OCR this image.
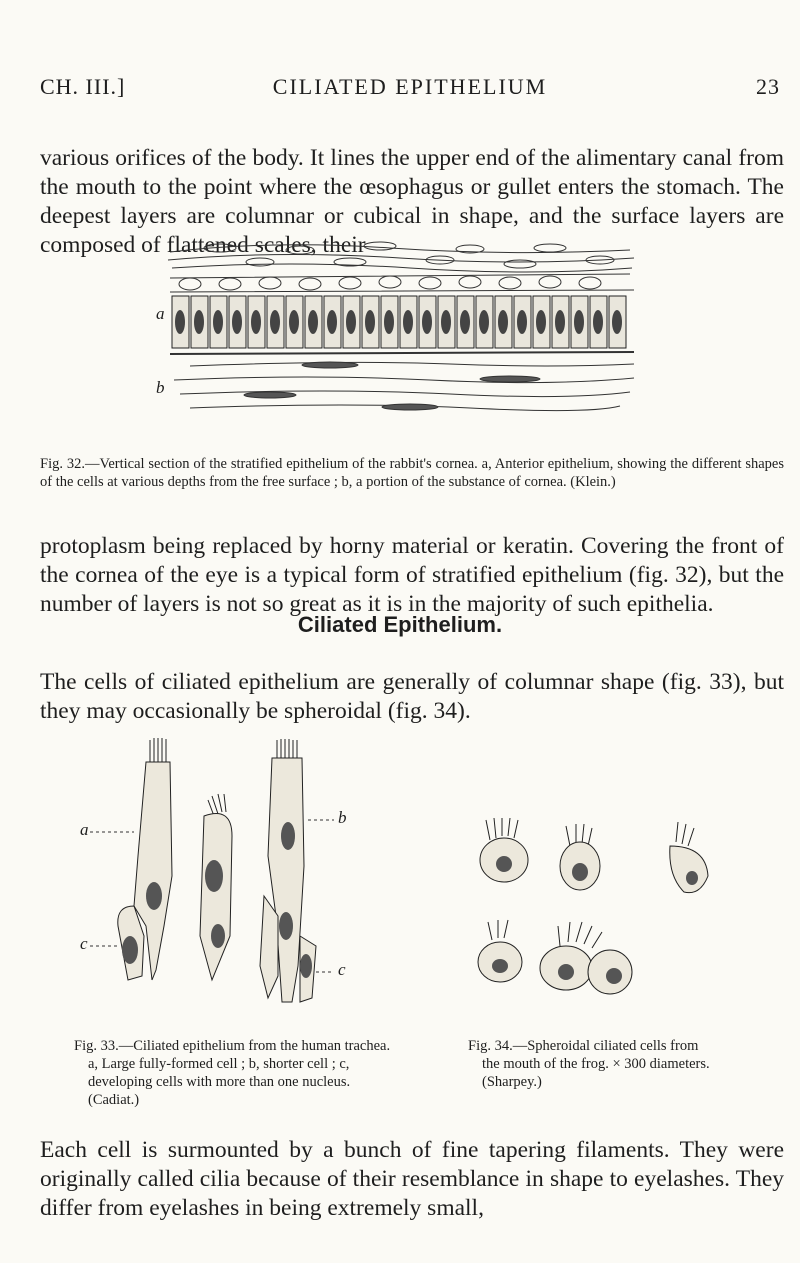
CH. III.]	CILIATED EPITHELIUM	23

various orifices of the body. It lines the upper end of the alimentary canal from the mouth to the point where the œsophagus or gullet enters the stomach. The deepest layers are columnar or cubical in shape, and the surface layers are composed of flattened scales, their

a
b

Fig. 32.—Vertical section of the stratified epithelium of the rabbit's cornea. a, Anterior epithelium, showing the different shapes of the cells at various depths from the free surface ; b, a portion of the substance of cornea. (Klein.)

protoplasm being replaced by horny material or keratin. Covering the front of the cornea of the eye is a typical form of stratified epithelium (fig. 32), but the number of layers is not so great as it is in the majority of such epithelia.

Ciliated Epithelium.

The cells of ciliated epithelium are generally of columnar shape (fig. 33), but they may occasionally be spheroidal (fig. 34).

a
c
b
c

Fig. 33.—Ciliated epithelium from the human trachea. a, Large fully-formed cell ; b, shorter cell ; c, developing cells with more than one nucleus. (Cadiat.)

Fig. 34.—Spheroidal ciliated cells from the mouth of the frog. × 300 diameters. (Sharpey.)

Each cell is surmounted by a bunch of fine tapering filaments. They were originally called cilia because of their resemblance in shape to eyelashes. They differ from eyelashes in being extremely small,
